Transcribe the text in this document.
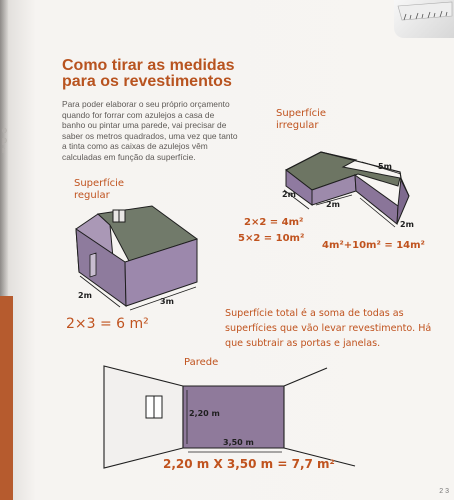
o p r
Como tirar as medidas para os revestimentos

Para poder elaborar o seu próprio orçamento quando for forrar com azulejos a casa de banho ou pintar uma parede, vai precisar de saber os metros quadrados, uma vez que tanto a tinta como as caixas de azulejos vêm calculadas em função da superfície.

Superfície irregular
2m
2m
2m
5m
2×2 = 4m²
5×2 = 10m²
4m²+10m² = 14m²
Superfície regular
2m
3m
2×3 = 6 m²

Superfície total é a soma de todas as superfícies que vão levar revestimento. Há que subtrair as portas e janelas.

Parede
2,20 m
3,50 m
2,20 m X 3,50 m = 7,7 m²
2 3
